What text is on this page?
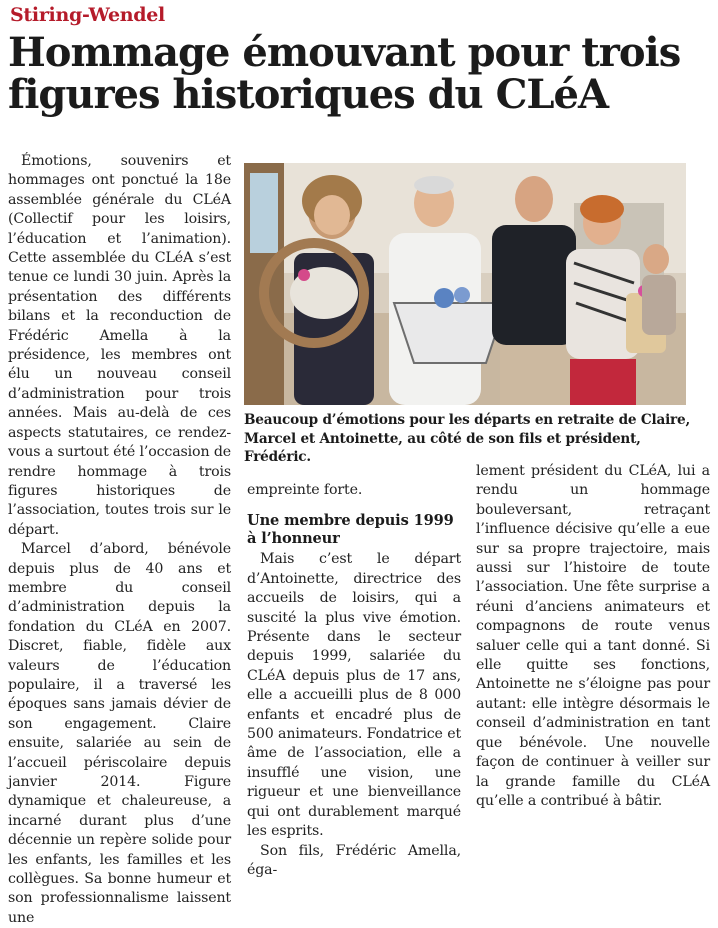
Stiring-Wendel
Hommage émouvant pour trois figures historiques du CLéA

Émotions, souvenirs et hommages ont ponctué la 18e assemblée générale du CLéA (Collectif pour les loisirs, l’éducation et l’animation). Cette assemblée du CLéA s’est tenue ce lundi 30 juin. Après la présentation des différents bilans et la reconduction de Frédéric Amella à la présidence, les membres ont élu un nouveau conseil d’administration pour trois années. Mais au-delà de ces aspects statutaires, ce rendez-vous a surtout été l’occasion de rendre hommage à trois figures historiques de l’association, toutes trois sur le départ.

Marcel d’abord, bénévole depuis plus de 40 ans et membre du conseil d’administration depuis la fondation du CLéA en 2007. Discret, fiable, fidèle aux valeurs de l’éducation populaire, il a traversé les époques sans jamais dévier de son engagement. Claire ensuite, salariée au sein de l’accueil périscolaire depuis janvier 2014. Figure dynamique et chaleureuse, a incarné durant plus d’une décennie un repère solide pour les enfants, les familles et les collègues. Sa bonne humeur et son professionnalisme laissent une

Beaucoup d’émotions pour les départs en retraite de Claire, Marcel et Antoinette, au côté de son fils et président, Frédéric.

empreinte forte.

Une membre depuis 1999 à l’honneur

Mais c’est le départ d’Antoinette, directrice des accueils de loisirs, qui a suscité la plus vive émotion. Présente dans le secteur depuis 1999, salariée du CLéA depuis plus de 17 ans, elle a accueilli plus de 8 000 enfants et encadré plus de 500 animateurs. Fondatrice et âme de l’association, elle a insufflé une vision, une rigueur et une bienveillance qui ont durablement marqué les esprits.

Son fils, Frédéric Amella, éga-

lement président du CLéA, lui a rendu un hommage bouleversant, retraçant l’influence décisive qu’elle a eue sur sa propre trajectoire, mais aussi sur l’histoire de toute l’association. Une fête surprise a réuni d’anciens animateurs et compagnons de route venus saluer celle qui a tant donné. Si elle quitte ses fonctions, Antoinette ne s’éloigne pas pour autant: elle intègre désormais le conseil d’administration en tant que bénévole. Une nouvelle façon de continuer à veiller sur la grande famille du CLéA qu’elle a contribué à bâtir.
